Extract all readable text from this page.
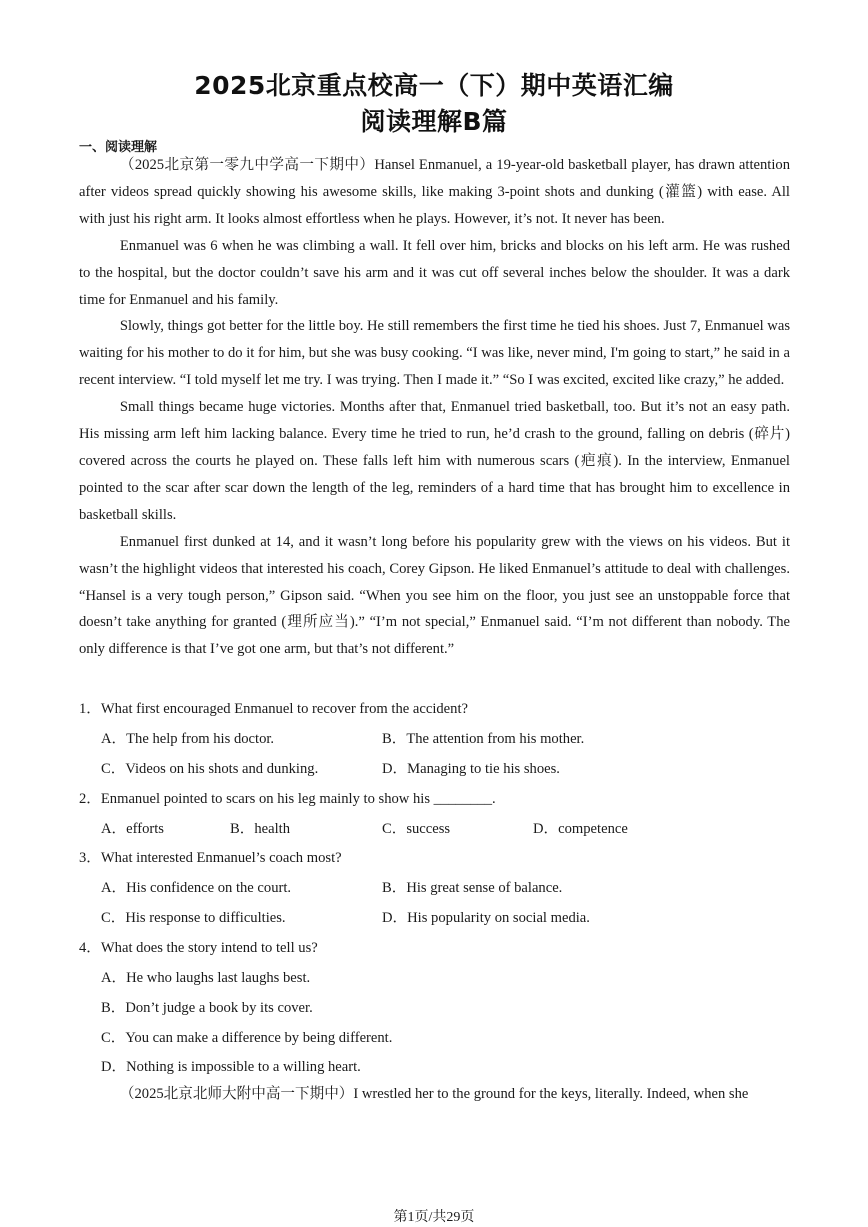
2025北京重点校高一（下）期中英语汇编
阅读理解B篇
一、阅读理解

（2025北京第一零九中学高一下期中）Hansel Enmanuel, a 19-year-old basketball player, has drawn attention after videos spread quickly showing his awesome skills, like making 3-point shots and dunking (灌篮) with ease. All with just his right arm. It looks almost effortless when he plays. However, it’s not. It never has been.

Enmanuel was 6 when he was climbing a wall. It fell over him, bricks and blocks on his left arm. He was rushed to the hospital, but the doctor couldn’t save his arm and it was cut off several inches below the shoulder. It was a dark time for Enmanuel and his family.

Slowly, things got better for the little boy. He still remembers the first time he tied his shoes. Just 7, Enmanuel was waiting for his mother to do it for him, but she was busy cooking. “I was like, never mind, I'm going to start,” he said in a recent interview. “I told myself let me try. I was trying. Then I made it.” “So I was excited, excited like crazy,” he added.

Small things became huge victories. Months after that, Enmanuel tried basketball, too. But it’s not an easy path. His missing arm left him lacking balance. Every time he tried to run, he’d crash to the ground, falling on debris (碎片) covered across the courts he played on. These falls left him with numerous scars (疤痕). In the interview, Enmanuel pointed to the scar after scar down the length of the leg, reminders of a hard time that has brought him to excellence in basketball skills.

Enmanuel first dunked at 14, and it wasn’t long before his popularity grew with the views on his videos. But it wasn’t the highlight videos that interested his coach, Corey Gipson. He liked Enmanuel’s attitude to deal with challenges. “Hansel is a very tough person,” Gipson said. “When you see him on the floor, you just see an unstoppable force that doesn’t take anything for granted (理所应当).” “I’m not special,” Enmanuel said. “I’m not different than nobody. The only difference is that I’ve got one arm, but that’s not different.”

1．What first encouraged Enmanuel to recover from the accident?
A．The help from his doctor.	B．The attention from his mother.
C．Videos on his shots and dunking.	D．Managing to tie his shoes.
2．Enmanuel pointed to scars on his leg mainly to show his ________.
A．efforts	B．health	C．success	D．competence
3．What interested Enmanuel’s coach most?
A．His confidence on the court.	B．His great sense of balance.
C．His response to difficulties.	D．His popularity on social media.
4．What does the story intend to tell us?
A．He who laughs last laughs best.
B．Don’t judge a book by its cover.
C．You can make a difference by being different.
D．Nothing is impossible to a willing heart.
（2025北京北师大附中高一下期中）I wrestled her to the ground for the keys, literally. Indeed, when she
第1页/共29页
